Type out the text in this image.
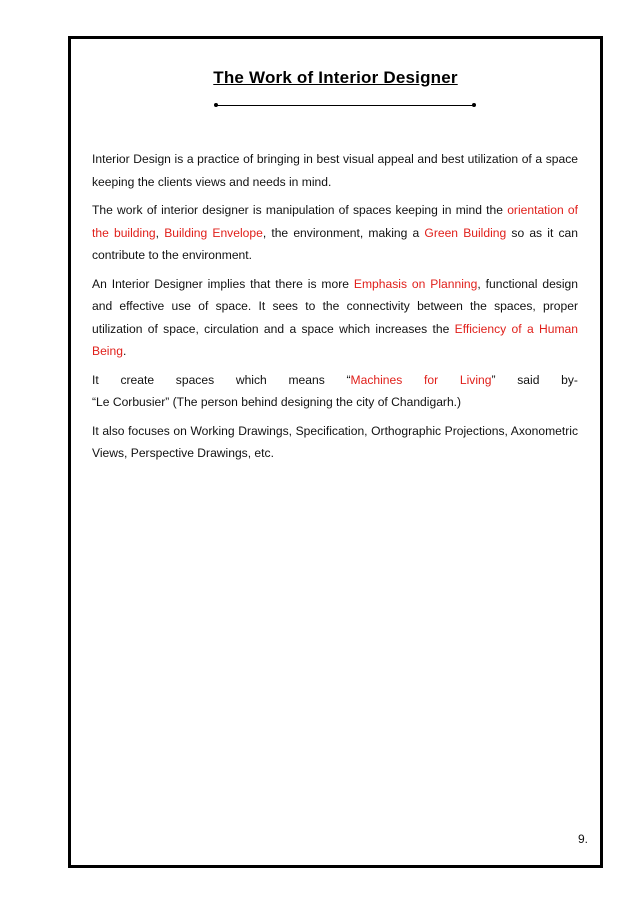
The Work of Interior Designer

Interior Design is a practice of bringing in best visual appeal and best utilization of a space keeping the clients views and needs in mind.

The work of interior designer is manipulation of spaces keeping in mind the orientation of the building, Building Envelope, the environment, making a Green Building so as it can contribute to the environment.

An Interior Designer implies that there is more Emphasis on Planning, functional design and effective use of space. It sees to the connectivity between the spaces, proper utilization of space, circulation and a space which increases the Efficiency of a Human Being.

It create spaces which means “Machines for Living” said by-

“Le Corbusier” (The person behind designing the city of Chandigarh.)

It also focuses on Working Drawings, Specification, Orthographic Projections, Axonometric Views, Perspective Drawings, etc.

9.
